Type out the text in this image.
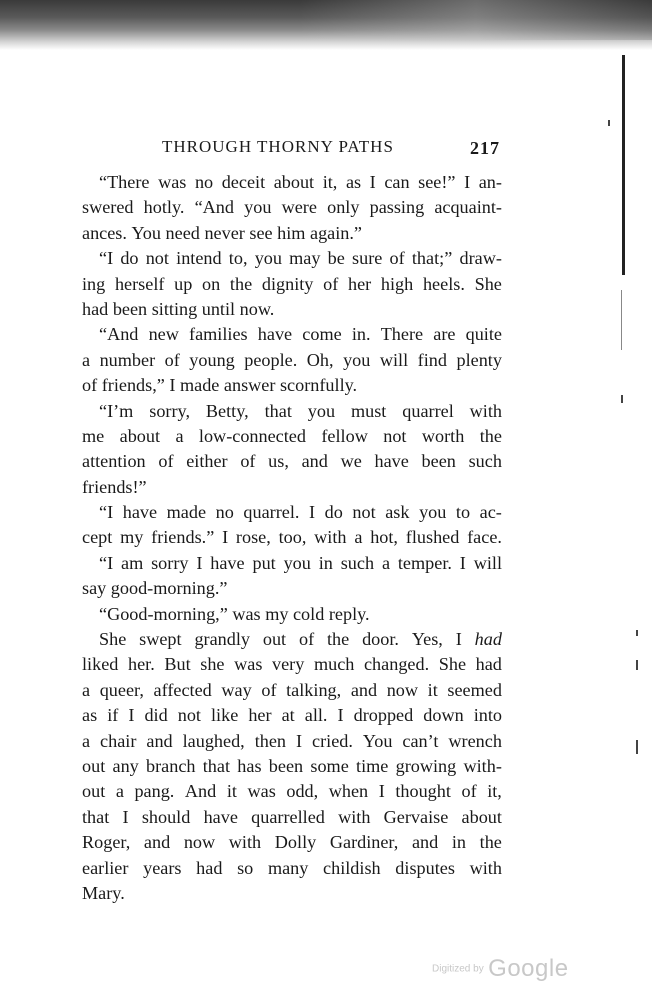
THROUGH THORNY PATHS	217
“There was no deceit about it, as I can see!” I an-
swered hotly. “And you were only passing acquaint-
ances.
You
need
never
see
him
again.”
“I do not intend to, you may be sure of that;” draw-
ing herself up on the dignity of her high heels. She
had
been
sitting
until
now.
“And new families have come in. There are quite
a number of young people. Oh, you will find plenty
of
friends,”
I
made
answer
scornfully.
“I’m sorry, Betty, that you must quarrel with
me about a low-connected fellow not worth the
attention of either of us, and we have been such
friends!”
“I have made no quarrel. I do not ask you to ac-
cept my friends.” I rose, too, with a hot, flushed face.
“I am sorry I have put you in such a temper. I will
say
good-morning.”
“Good-morning,”
was
my
cold
reply.
She swept grandly out of the door. Yes, I had
liked her. But she was very much changed. She had
a queer, affected way of talking, and now it seemed
as if I did not like her at all. I dropped down into
a chair and laughed, then I cried. You can’t wrench
out any branch that has been some time growing with-
out a pang. And it was odd, when I thought of it,
that I should have quarrelled with Gervaise about
Roger, and now with Dolly Gardiner, and in the
earlier years had so many childish disputes with
Mary.
Digitized by Google
